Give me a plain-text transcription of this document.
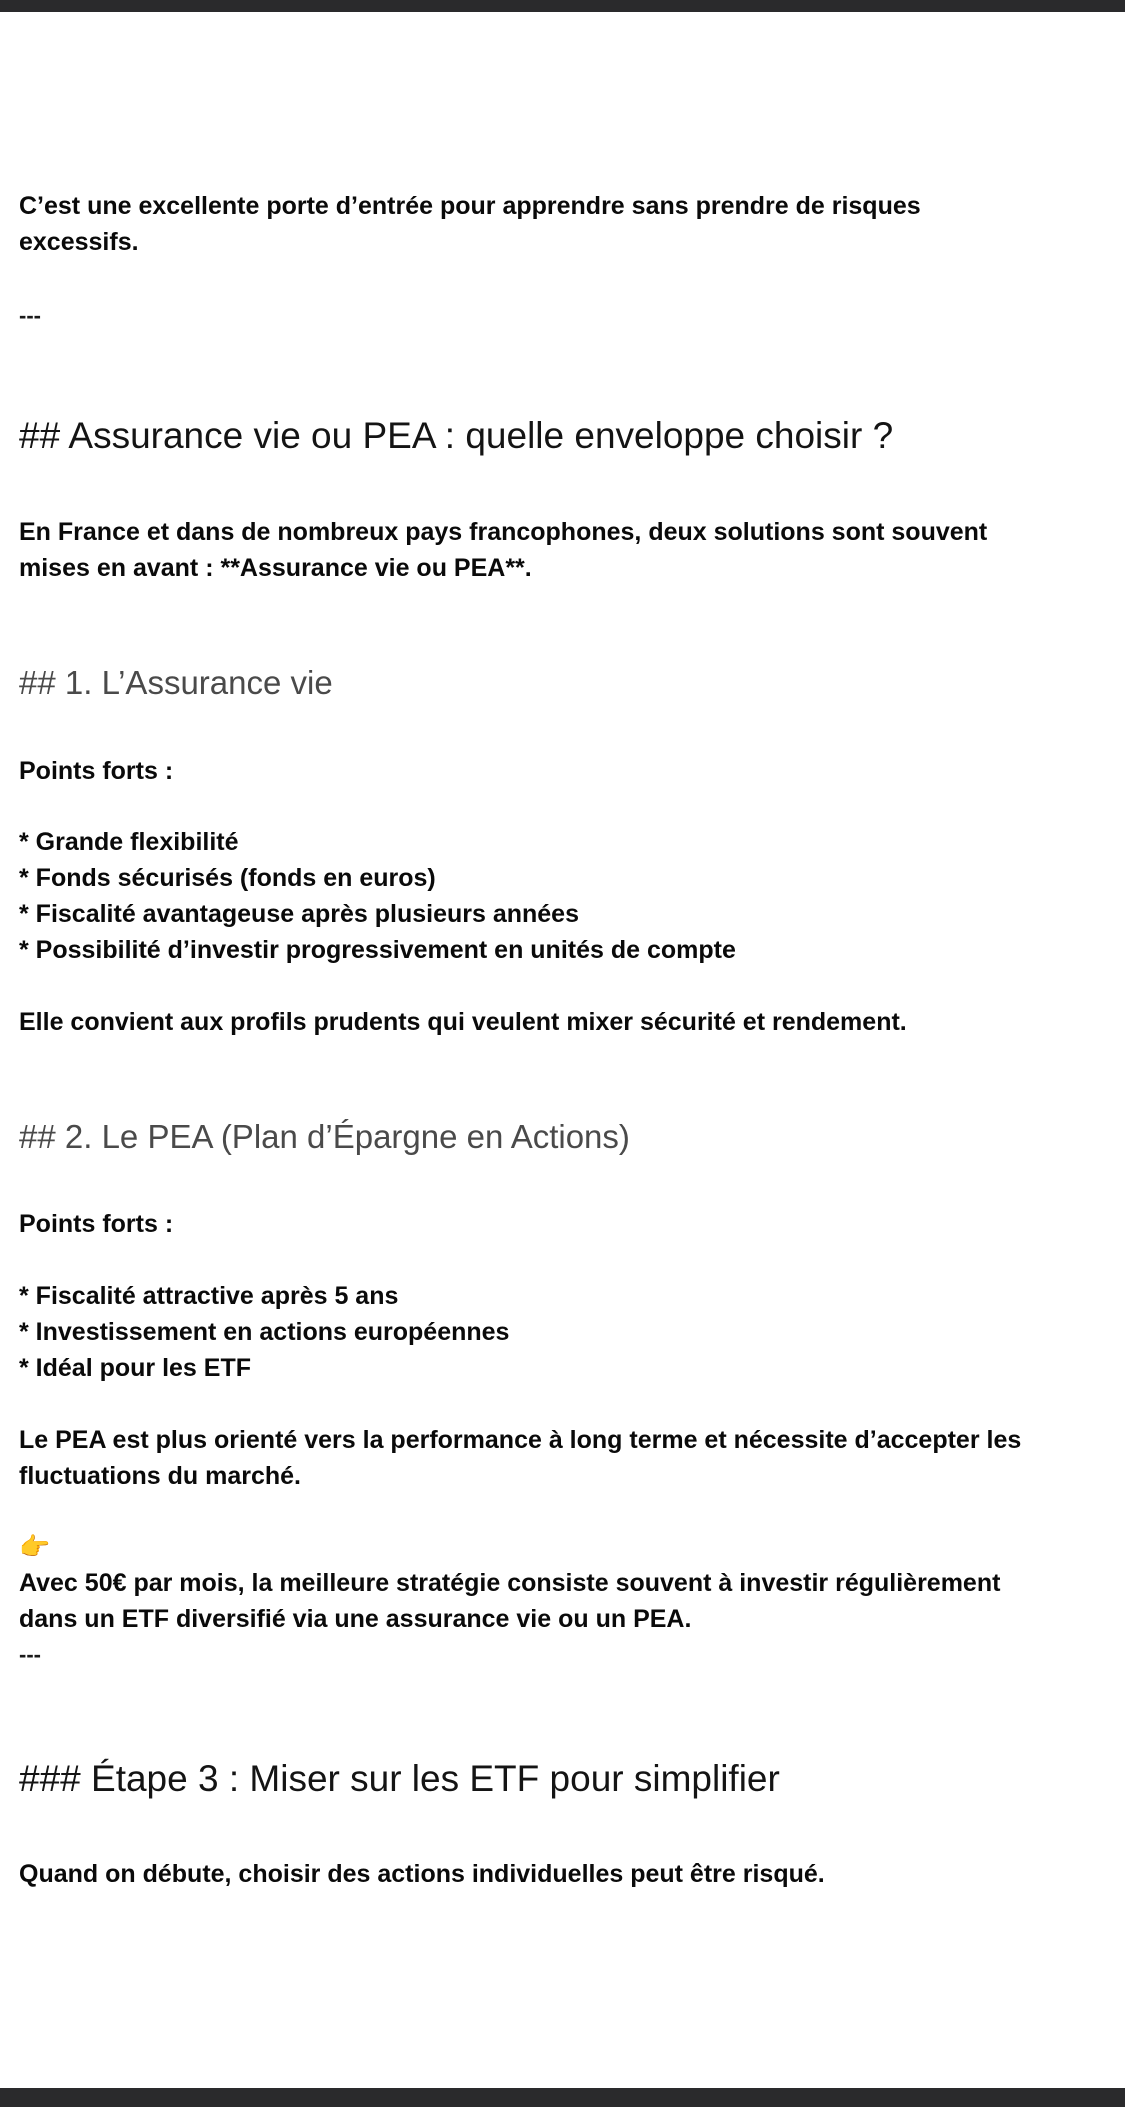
C’est une excellente porte d’entrée pour apprendre sans prendre de risques
excessifs.
---
## Assurance vie ou PEA : quelle enveloppe choisir ?
En France et dans de nombreux pays francophones, deux solutions sont souvent
mises en avant : **Assurance vie ou PEA**.
## 1. L’Assurance vie
Points forts :
* Grande flexibilité
* Fonds sécurisés (fonds en euros)
* Fiscalité avantageuse après plusieurs années
* Possibilité d’investir progressivement en unités de compte
Elle convient aux profils prudents qui veulent mixer sécurité et rendement.
## 2. Le PEA (Plan d’Épargne en Actions)
Points forts :
* Fiscalité attractive après 5 ans
* Investissement en actions européennes
* Idéal pour les ETF
Le PEA est plus orienté vers la performance à long terme et nécessite d’accepter les
fluctuations du marché.
👉
Avec 50€ par mois, la meilleure stratégie consiste souvent à investir régulièrement
dans un ETF diversifié via une assurance vie ou un PEA.
---
### Étape 3 : Miser sur les ETF pour simplifier
Quand on débute, choisir des actions individuelles peut être risqué.
